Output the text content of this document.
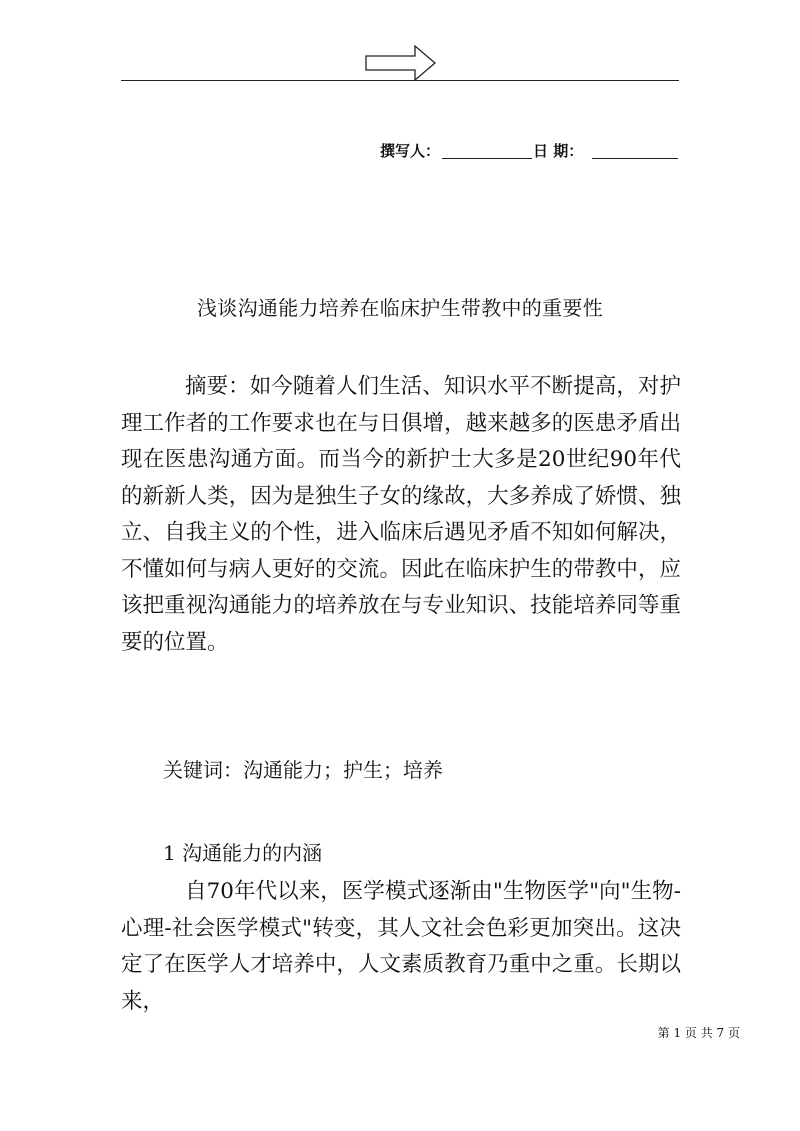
撰写人：	日 期：
浅谈沟通能力培养在临床护生带教中的重要性
摘要：如今随着人们生活、知识水平不断提高，对护理工作者的工作要求也在与日俱增，越来越多的医患矛盾出现在医患沟通方面。而当今的新护士大多是20世纪90年代的新新人类，因为是独生子女的缘故，大多养成了娇惯、独立、自我主义的个性，进入临床后遇见矛盾不知如何解决，不懂如何与病人更好的交流。因此在临床护生的带教中，应该把重视沟通能力的培养放在与专业知识、技能培养同等重要的位置。
关键词：沟通能力；护生；培养
1 沟通能力的内涵
自70年代以来，医学模式逐渐由"生物医学"向"生物-心理-社会医学模式"转变，其人文社会色彩更加突出。这决定了在医学人才培养中，人文素质教育乃重中之重。长期以来，
第 1 页 共 7 页
